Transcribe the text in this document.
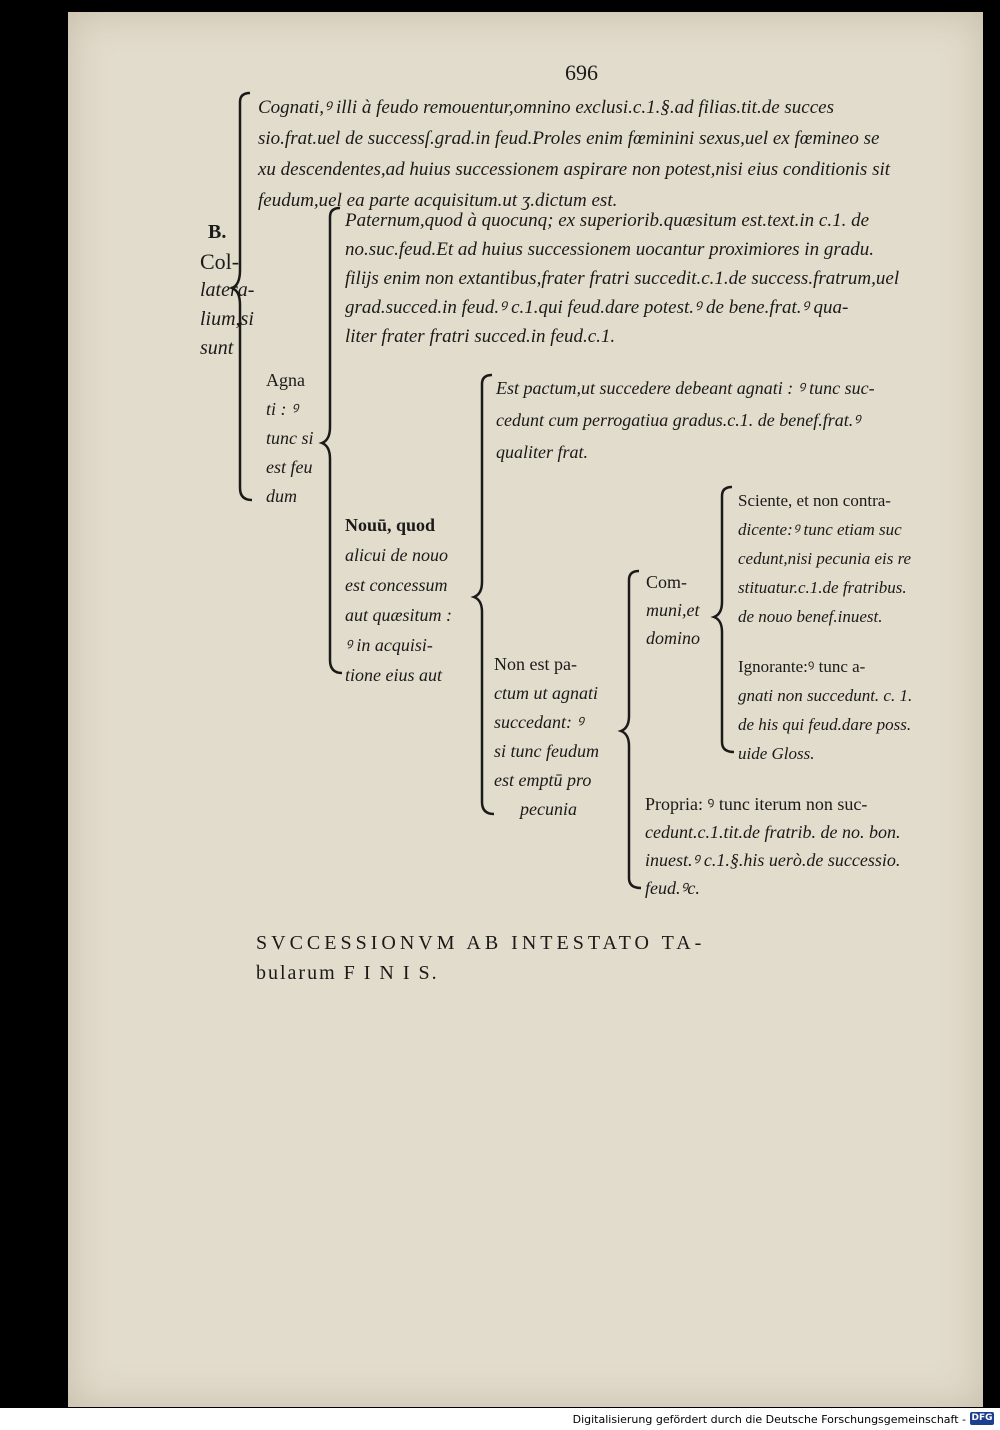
696
B.
Col-
latera-
lium,si
sunt
Cognati,ꝰ illi à feudo remouentur,omnino exclusi.c.1.§.ad filias.tit.de succes
sio.frat.uel de successſ.grad.in feud.Proles enim fœminini sexus,uel ex fœmineo se
xu descendentes,ad huius successionem aspirare non potest,nisi eius conditionis sit
feudum,uel ea parte acquisitum.ut ʒ.dictum est.
Agna
ti : ꝰ
tunc si
est feu
dum
Paternum,quod à quocunq; ex superiorib.quæsitum est.text.in c.1. de
no.suc.feud.Et ad huius successionem uocantur proximiores in gradu.
filijs enim non extantibus,frater fratri succedit.c.1.de success.fratrum,uel
grad.succed.in feud.ꝰ c.1.qui feud.dare potest.ꝰ de bene.frat.ꝰ qua-
liter frater fratri succed.in feud.c.1.
Nouū, quod
alicui de nouo
est concessum
aut quæsitum :
ꝰ in acquisi-
tione eius aut
Est pactum,ut succedere debeant agnati : ꝰ tunc suc-
cedunt cum perrogatiua gradus.c.1. de benef.frat.ꝰ
qualiter frat.
Non est pa-
ctum ut agnati
succedant: ꝰ
si tunc feudum
est emptū pro
pecunia
Com-
muni,et
domino
Sciente, et non contra-
dicente:ꝰ tunc etiam suc
cedunt,nisi pecunia eis re
stituatur.c.1.de fratribus.
de nouo benef.inuest.
Ignorante:ꝰ tunc a-
gnati non succedunt. c. 1.
de his qui feud.dare poss.
uide Gloss.
Propria: ꝰ tunc iterum non suc-
cedunt.c.1.tit.de fratrib. de no. bon.
inuest.ꝰ c.1.§.his uerò.de successio.
feud.ꝰc.
SVCCESSIONVM AB INTESTATO TA-
bularum F I N I S.
Digitalisierung gefördert durch die Deutsche Forschungsgemeinschaft - DFG
